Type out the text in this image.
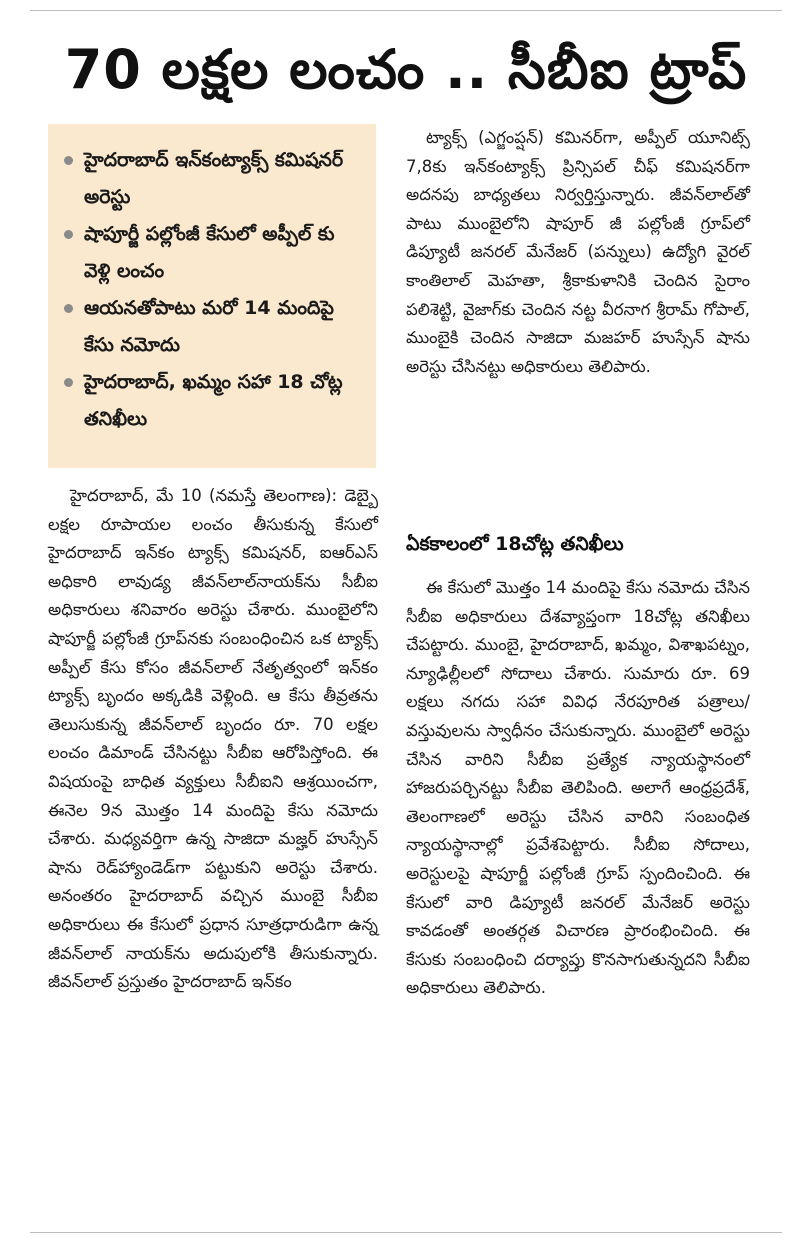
70 లక్షల లంచం .. సీబీఐ ట్రాప్
హైదరాబాద్ ఇన్‌కంట్యాక్స్ కమిషనర్ అరెస్టు
షాపూర్జీ పల్లోంజీ కేసులో అప్పీల్ కు వెళ్లి లంచం
ఆయనతోపాటు మరో 14 మందిపై కేసు నమోదు
హైదరాబాద్, ఖమ్మం సహా 18 చోట్ల తనిఖీలు

హైదరాబాద్, మే 10 (నమస్తే తెలంగాణ): డెబ్బై లక్షల రూపాయల లంచం తీసుకున్న కేసులో హైదరాబాద్ ఇన్‌కం ట్యాక్స్ కమిషనర్, ఐఆర్ఎస్ అధికారి లావుడ్య జీవన్‌లాల్‌నాయక్‌ను సీబీఐ అధికారులు శనివారం అరెస్టు చేశారు. ముంబైలోని షాపూర్జీ పల్లోంజీ గ్రూప్‌నకు సంబంధించిన ఒక ట్యాక్స్ అప్పీల్ కేసు కోసం జీవన్‌లాల్ నేతృత్వంలో ఇన్‌కం ట్యాక్స్ బృందం అక్కడికి వెళ్లింది. ఆ కేసు తీవ్రతను తెలుసుకున్న జీవన్‌లాల్ బృందం రూ. 70 లక్షల లంచం డిమాండ్ చేసినట్టు సీబీఐ ఆరోపిస్తోంది. ఈ విషయంపై బాధిత వ్యక్తులు సీబీఐని ఆశ్రయించగా, ఈనెల 9న మొత్తం 14 మందిపై కేసు నమోదు చేశారు. మధ్యవర్తిగా ఉన్న సాజిదా మజ్హర్ హుస్సేన్ షాను రెడ్‌హ్యాండెడ్‌గా పట్టుకుని అరెస్టు చేశారు. అనంతరం హైదరాబాద్ వచ్చిన ముంబై సీబీఐ అధికారులు ఈ కేసులో ప్రధాన సూత్రధారుడిగా ఉన్న జీవన్‌లాల్ నాయక్‌ను అదుపులోకి తీసుకున్నారు. జీవన్‌లాల్ ప్రస్తుతం హైదరాబాద్ ఇన్‌కం

ట్యాక్స్ (ఎగ్జంప్షన్) కమినర్‌గా, అప్పీల్ యూనిట్స్ 7,8కు ఇన్‌కంట్యాక్స్ ప్రిన్సిపల్ చీఫ్ కమిషనర్‌గా అదనపు బాధ్యతలు నిర్వర్తిస్తున్నారు. జీవన్‌లాల్‌తో పాటు ముంబైలోని షాపూర్ జీ పల్లోంజీ గ్రూప్‌లో డిప్యూటీ జనరల్ మేనేజర్ (పన్నులు) ఉద్యోగి వైరల్ కాంతిలాల్ మెహతా, శ్రీకాకుళానికి చెందిన సైరాం పలిశెట్టి, వైజాగ్‌కు చెందిన నట్ట వీరనాగ శ్రీరామ్ గోపాల్, ముంబైకి చెందిన సాజిదా మజహర్ హుస్సేన్ షాను అరెస్టు చేసినట్టు అధికారులు తెలిపారు.

ఏకకాలంలో 18చోట్ల తనిఖీలు

ఈ కేసులో మొత్తం 14 మందిపై కేసు నమోదు చేసిన సీబీఐ అధికారులు దేశవ్యాప్తంగా 18చోట్ల తనిఖీలు చేపట్టారు. ముంబై, హైదరాబాద్, ఖమ్మం, విశాఖపట్నం, న్యూఢిల్లీలలో సోదాలు చేశారు. సుమారు రూ. 69 లక్షలు నగదు సహా వివిధ నేరపూరిత పత్రాలు/వస్తువులను స్వాధీనం చేసుకున్నారు. ముంబైలో అరెస్టు చేసిన వారిని సీబీఐ ప్రత్యేక న్యాయస్థానంలో హాజరుపర్చినట్టు సీబీఐ తెలిపింది. అలాగే ఆంధ్రప్రదేశ్, తెలంగాణలో అరెస్టు చేసిన వారిని సంబంధిత న్యాయస్థానాల్లో ప్రవేశపెట్టారు. సీబీఐ సోదాలు, అరెస్టులపై షాపూర్జీ పల్లోంజీ గ్రూప్ స్పందించింది. ఈ కేసులో వారి డిప్యూటీ జనరల్ మేనేజర్ అరెస్టు కావడంతో అంతర్గత విచారణ ప్రారంభించింది. ఈ కేసుకు సంబంధించి దర్యాప్తు కొనసాగుతున్నదని సీబీఐ అధికారులు తెలిపారు.
